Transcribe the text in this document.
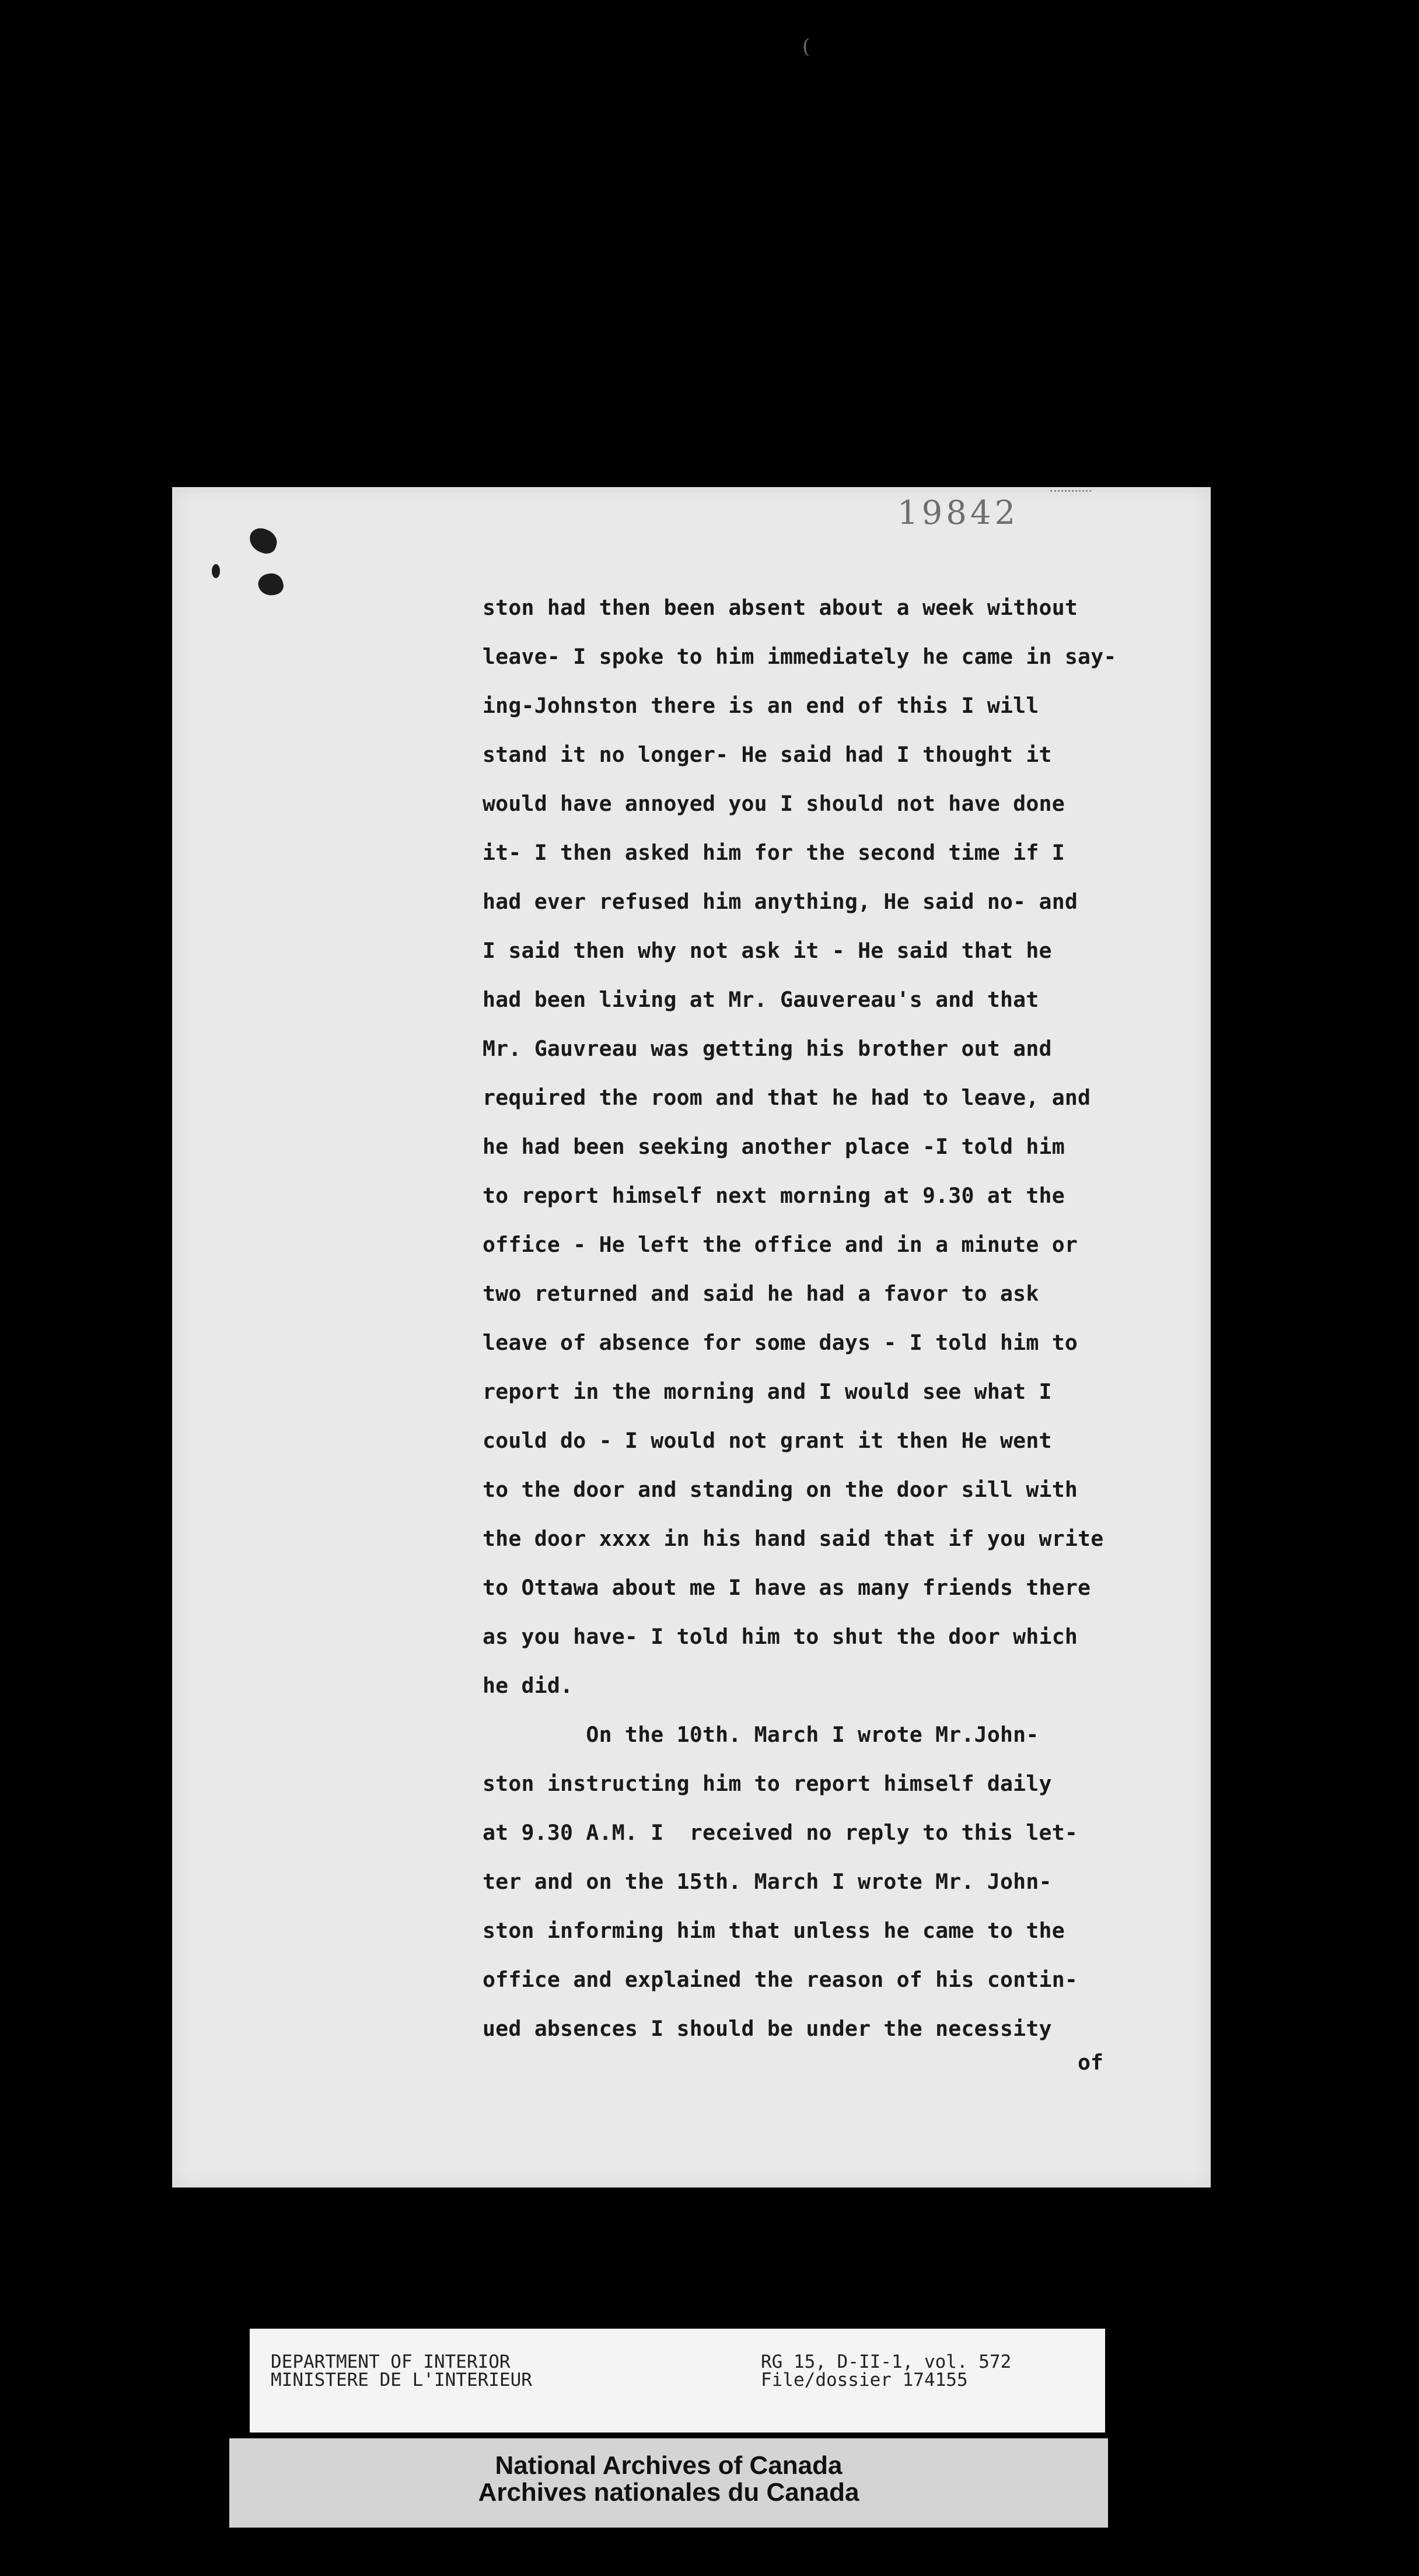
(
19842
ston had then been absent about a week without
leave- I spoke to him immediately he came in say-
ing-Johnston there is an end of this I will
stand it no longer- He said had I thought it
would have annoyed you I should not have done
it- I then asked him for the second time if I
had ever refused him anything, He said no- and
I said then why not ask it - He said that he
had been living at Mr. Gauvereau's and that
Mr. Gauvreau was getting his brother out and
required the room and that he had to leave, and
he had been seeking another place -I told him
to report himself next morning at 9.30 at the
office - He left the office and in a minute or
two returned and said he had a favor to ask
leave of absence for some days - I told him to
report in the morning and I would see what I
could do - I would not grant it then He went
to the door and standing on the door sill with
the door xxxx in his hand said that if you write
to Ottawa about me I have as many friends there
as you have- I told him to shut the door which
he did.
On the 10th. March I wrote Mr.John-
ston instructing him to report himself daily
at 9.30 A.M. I  received no reply to this let-
ter and on the 15th. March I wrote Mr. John-
ston informing him that unless he came to the
office and explained the reason of his contin-
ued absences I should be under the necessity
of
DEPARTMENT OF INTERIOR
MINISTERE DE L'INTERIEUR
RG 15, D-II-1, vol. 572
File/dossier 174155
National Archives of Canada
Archives nationales du Canada
